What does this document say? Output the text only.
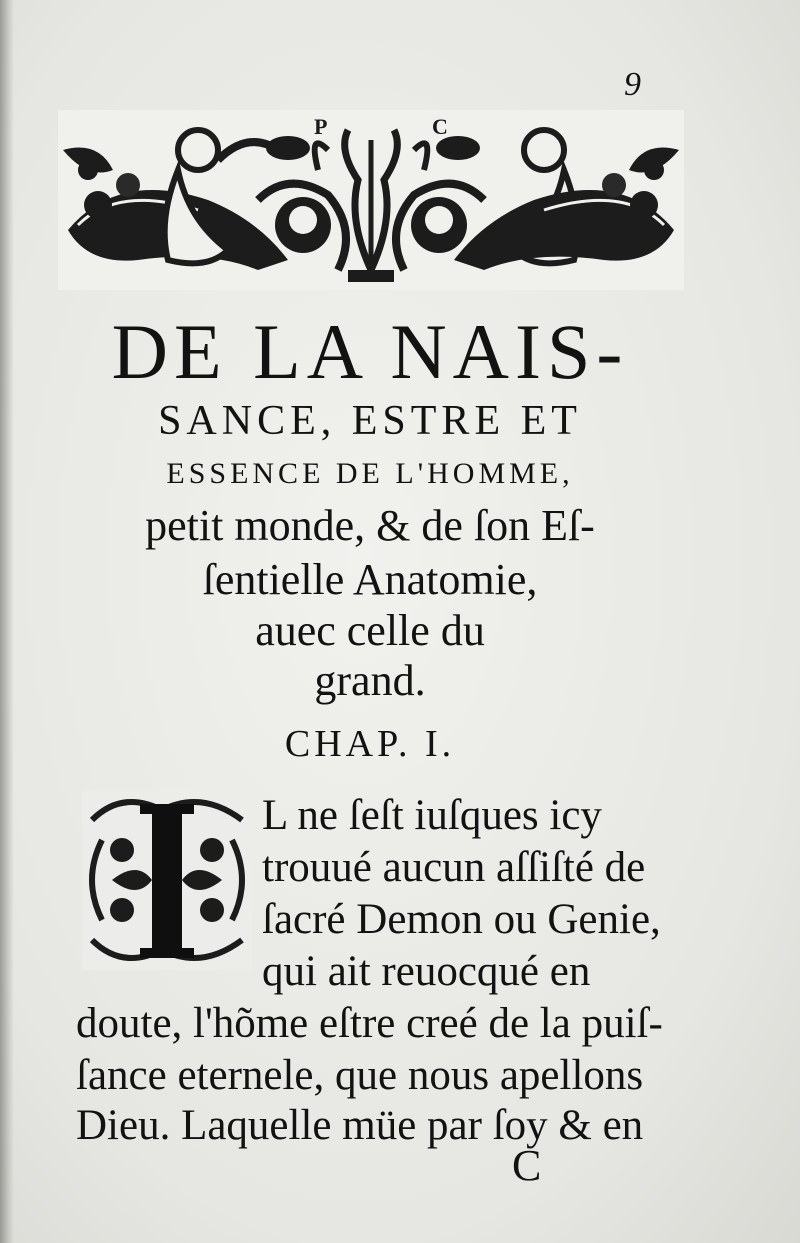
9
P	C
DE LA NAIS-
SANCE, ESTRE ET
ESSENCE DE L'HOMME,
petit monde, & de ſon Eſ-
ſentielle Anatomie,
auec celle du
grand.
CHAP. I.

L ne ſeſt iuſques icy

trouué aucun aſſiſté de

ſacré Demon ou Genie,

qui ait reuocqué en

doute, l'hõme eſtre creé de la puiſ-

ſance eternele, que nous apellons

Dieu. Laquelle müe par ſoy & en

C
